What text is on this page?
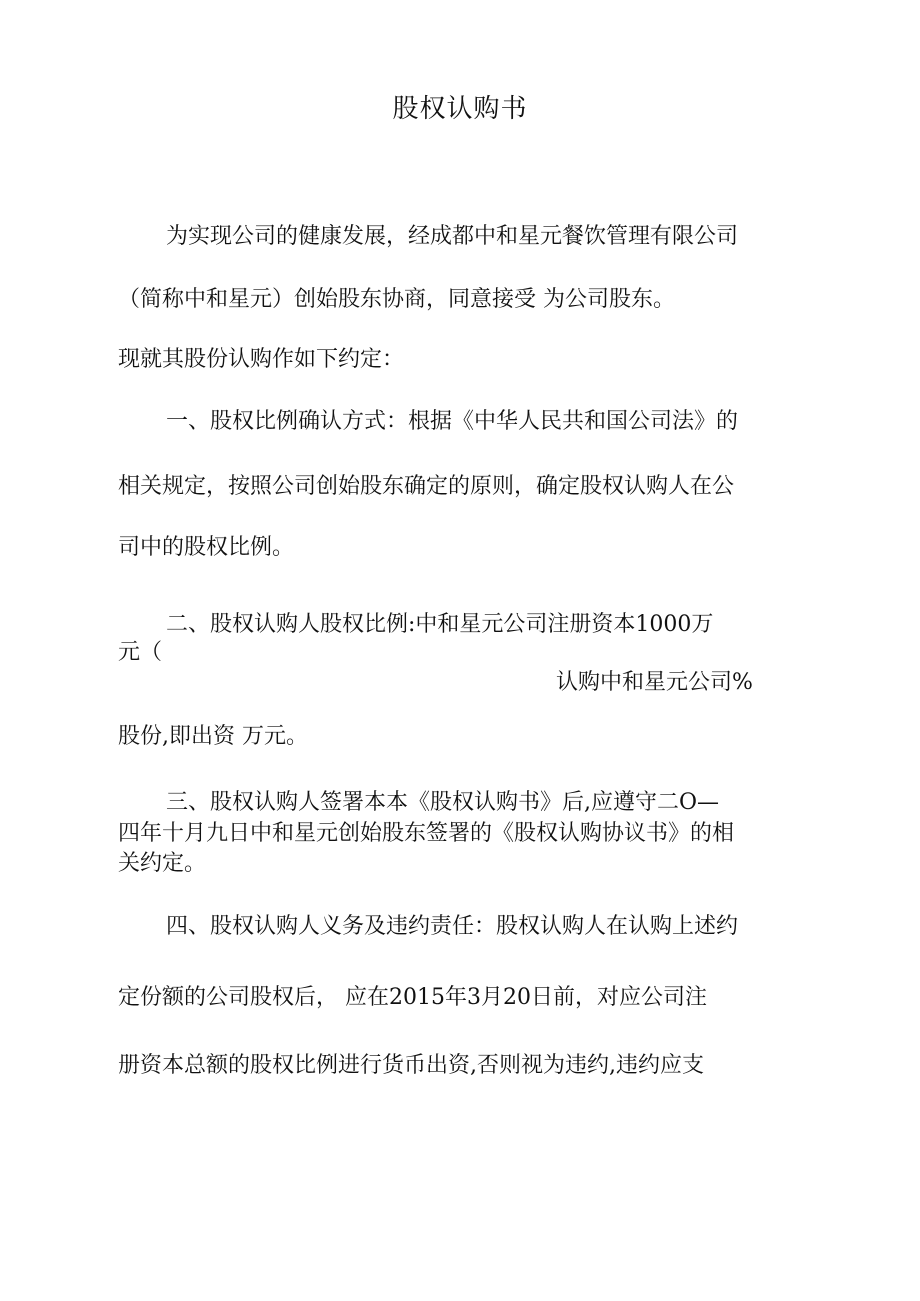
股权认购书
为实现公司的健康发展，经成都中和星元餐饮管理有限公司
（简称中和星元）创始股东协商，同意接受 为公司股东。
现就其股份认购作如下约定：
一、股权比例确认方式：根据《中华人民共和国公司法》的
相关规定，按照公司创始股东确定的原则，确定股权认购人在公
司中的股权比例。
二、股权认购人股权比例:中和星元公司注册资本1000万
元（
认购中和星元公司%
股份,即出资 万元。
三、股权认购人签署本本《股权认购书》后,应遵守二O—
四年十月九日中和星元创始股东签署的《股权认购协议书》的相
关约定。
四、股权认购人义务及违约责任：股权认购人在认购上述约
定份额的公司股权后， 应在2015年3月20日前，对应公司注
册资本总额的股权比例进行货币出资,否则视为违约,违约应支
